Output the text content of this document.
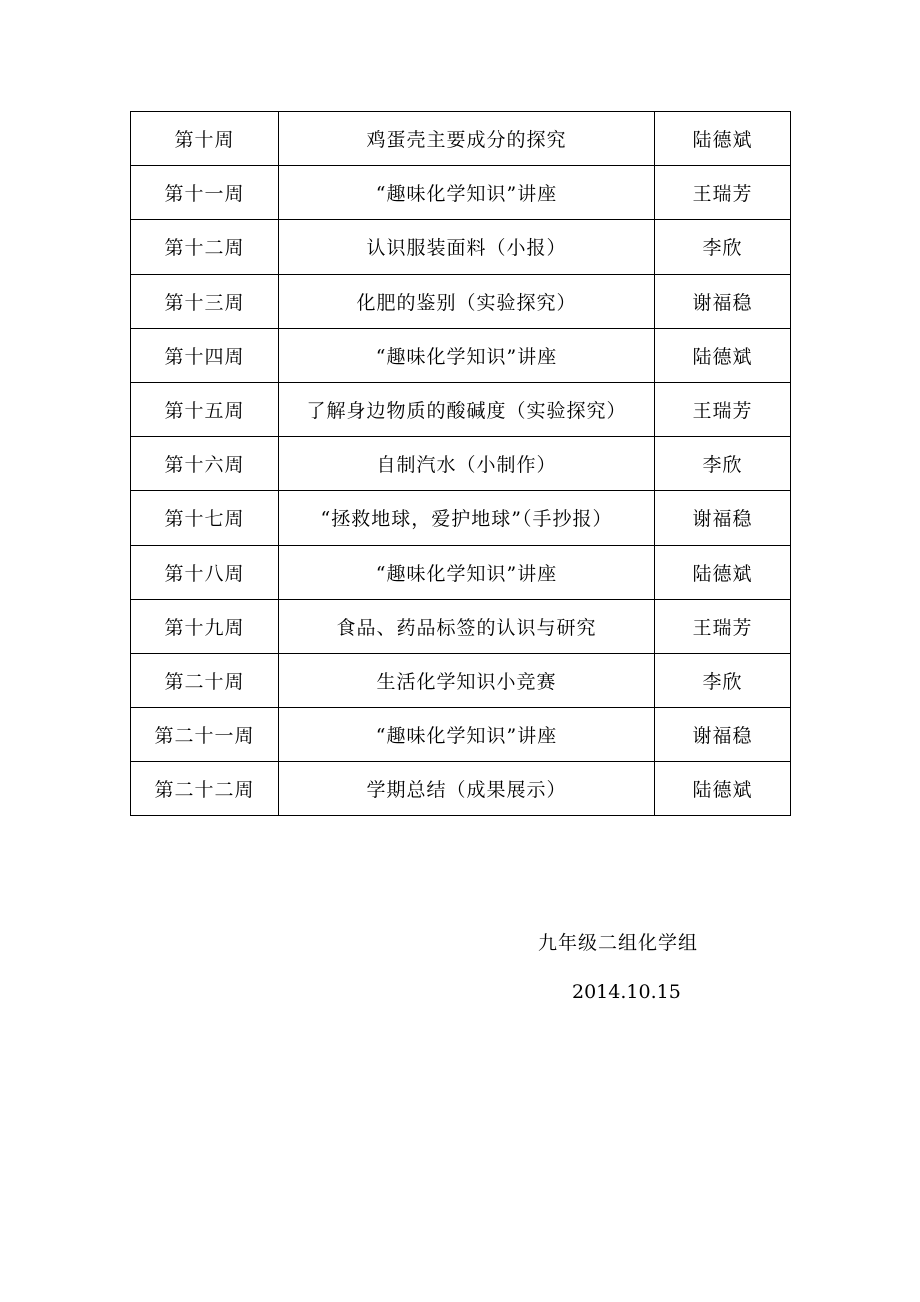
第十周	鸡蛋壳主要成分的探究	陆德斌
第十一周	“趣味化学知识”讲座	王瑞芳
第十二周	认识服装面料（小报）	李欣
第十三周	化肥的鉴别（实验探究）	谢福稳
第十四周	“趣味化学知识”讲座	陆德斌
第十五周	了解身边物质的酸碱度（实验探究）	王瑞芳
第十六周	自制汽水（小制作）	李欣
第十七周	“拯救地球，爱护地球”（手抄报）	谢福稳
第十八周	“趣味化学知识”讲座	陆德斌
第十九周	食品、药品标签的认识与研究	王瑞芳
第二十周	生活化学知识小竞赛	李欣
第二十一周	“趣味化学知识”讲座	谢福稳
第二十二周	学期总结（成果展示）	陆德斌
九年级二组化学组
2014.10.15
